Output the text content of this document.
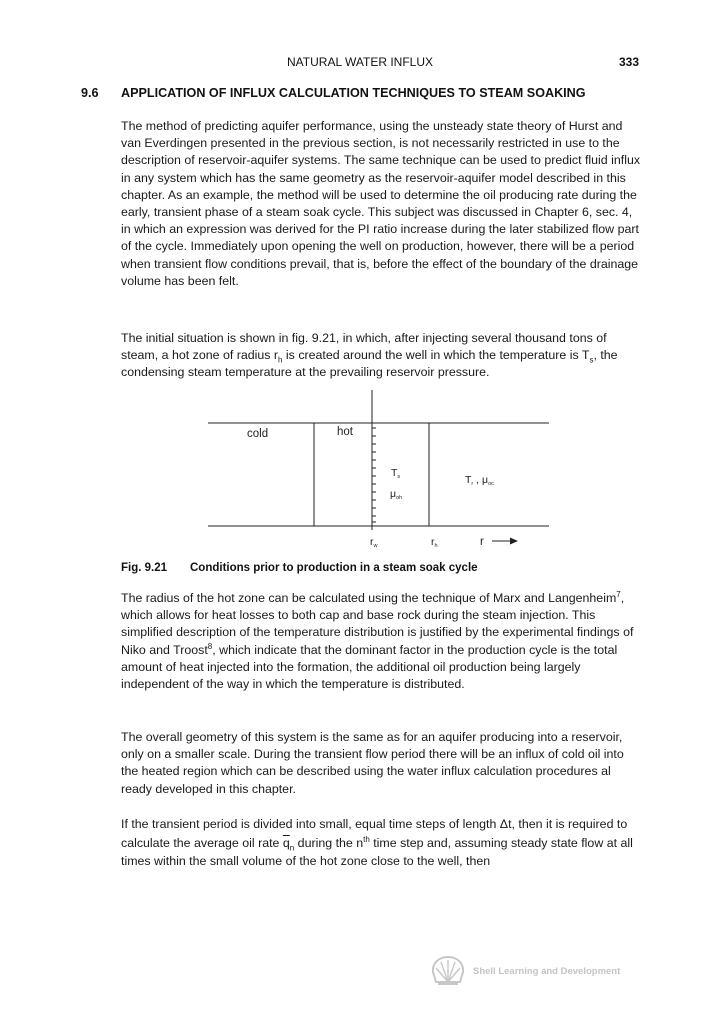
NATURAL WATER INFLUX	333
9.6 APPLICATION OF INFLUX CALCULATION TECHNIQUES TO STEAM SOAKING

The method of predicting aquifer performance, using the unsteady state theory of Hurst and van Everdingen presented in the previous section, is not necessarily restricted in use to the description of reservoir-aquifer systems. The same technique can be used to predict fluid influx in any system which has the same geometry as the reservoir-aquifer model described in this chapter. As an example, the method will be used to determine the oil producing rate during the early, transient phase of a steam soak cycle. This subject was discussed in Chapter 6, sec. 4, in which an expression was derived for the PI ratio increase during the later stabilized flow part of the cycle. Immediately upon opening the well on production, however, there will be a period when transient flow conditions prevail, that is, before the effect of the boundary of the drainage volume has been felt.

The initial situation is shown in fig. 9.21, in which, after injecting several thousand tons of steam, a hot zone of radius $r_h$ is created around the well in which the temperature is $T_s$, the condensing steam temperature at the prevailing reservoir pressure.

cold	hot
Ts
μoh
Tr , μoc
rw	rh	r
Fig. 9.21 Conditions prior to production in a steam soak cycle

The radius of the hot zone can be calculated using the technique of Marx and Langenheim$^7$, which allows for heat losses to both cap and base rock during the steam injection. This simplified description of the temperature distribution is justified by the experimental findings of Niko and Troost$^8$, which indicate that the dominant factor in the production cycle is the total amount of heat injected into the formation, the additional oil production being largely independent of the way in which the temperature is distributed.

The overall geometry of this system is the same as for an aquifer producing into a reservoir, only on a smaller scale. During the transient flow period there will be an influx of cold oil into the heated region which can be described using the water influx calculation procedures al ready developed in this chapter.

If the transient period is divided into small, equal time steps of length Δt, then it is required to calculate the average oil rate $\overline{q}_n$ during the $n^{th}$ time step and, assuming steady state flow at all times within the small volume of the hot zone close to the well, then

Shell Learning and Development
